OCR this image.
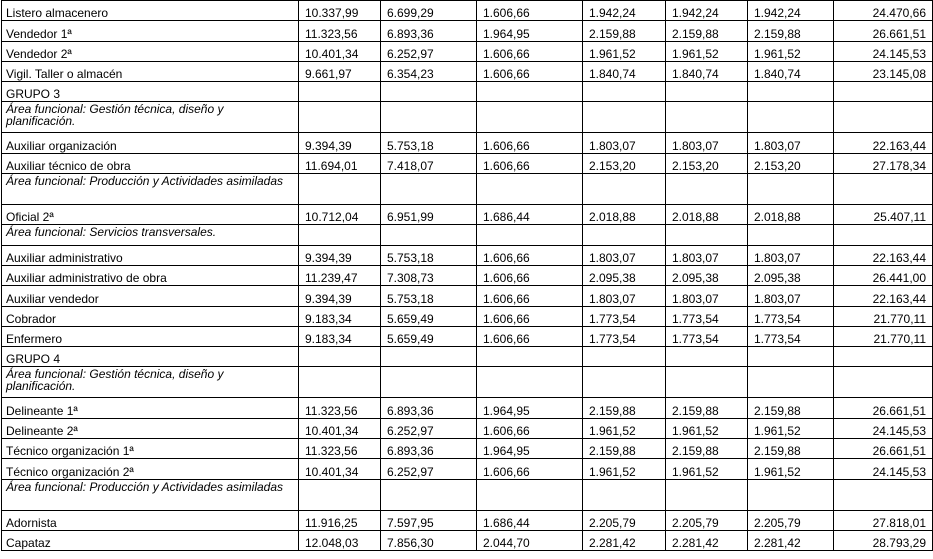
Listero almacenero	10.337,99	6.699,29	1.606,66	1.942,24	1.942,24	1.942,24	24.470,66
Vendedor 1ª	11.323,56	6.893,36	1.964,95	2.159,88	2.159,88	2.159,88	26.661,51
Vendedor 2ª	10.401,34	6.252,97	1.606,66	1.961,52	1.961,52	1.961,52	24.145,53
Vigil. Taller o almacén	9.661,97	6.354,23	1.606,66	1.840,74	1.840,74	1.840,74	23.145,08
GRUPO 3							
Área funcional: Gestión técnica, diseño y planificación.							
Auxiliar organización	9.394,39	5.753,18	1.606,66	1.803,07	1.803,07	1.803,07	22.163,44
Auxiliar técnico de obra	11.694,01	7.418,07	1.606,66	2.153,20	2.153,20	2.153,20	27.178,34
Área funcional: Producción y Actividades asimiladas							
Oficial 2ª	10.712,04	6.951,99	1.686,44	2.018,88	2.018,88	2.018,88	25.407,11
Área funcional: Servicios transversales.							
Auxiliar administrativo	9.394,39	5.753,18	1.606,66	1.803,07	1.803,07	1.803,07	22.163,44
Auxiliar administrativo de obra	11.239,47	7.308,73	1.606,66	2.095,38	2.095,38	2.095,38	26.441,00
Auxiliar vendedor	9.394,39	5.753,18	1.606,66	1.803,07	1.803,07	1.803,07	22.163,44
Cobrador	9.183,34	5.659,49	1.606,66	1.773,54	1.773,54	1.773,54	21.770,11
Enfermero	9.183,34	5.659,49	1.606,66	1.773,54	1.773,54	1.773,54	21.770,11
GRUPO 4							
Área funcional: Gestión técnica, diseño y planificación.							
Delineante 1ª	11.323,56	6.893,36	1.964,95	2.159,88	2.159,88	2.159,88	26.661,51
Delineante 2ª	10.401,34	6.252,97	1.606,66	1.961,52	1.961,52	1.961,52	24.145,53
Técnico organización 1ª	11.323,56	6.893,36	1.964,95	2.159,88	2.159,88	2.159,88	26.661,51
Técnico organización 2ª	10.401,34	6.252,97	1.606,66	1.961,52	1.961,52	1.961,52	24.145,53
Área funcional: Producción y Actividades asimiladas							
Adornista	11.916,25	7.597,95	1.686,44	2.205,79	2.205,79	2.205,79	27.818,01
Capataz	12.048,03	7.856,30	2.044,70	2.281,42	2.281,42	2.281,42	28.793,29
